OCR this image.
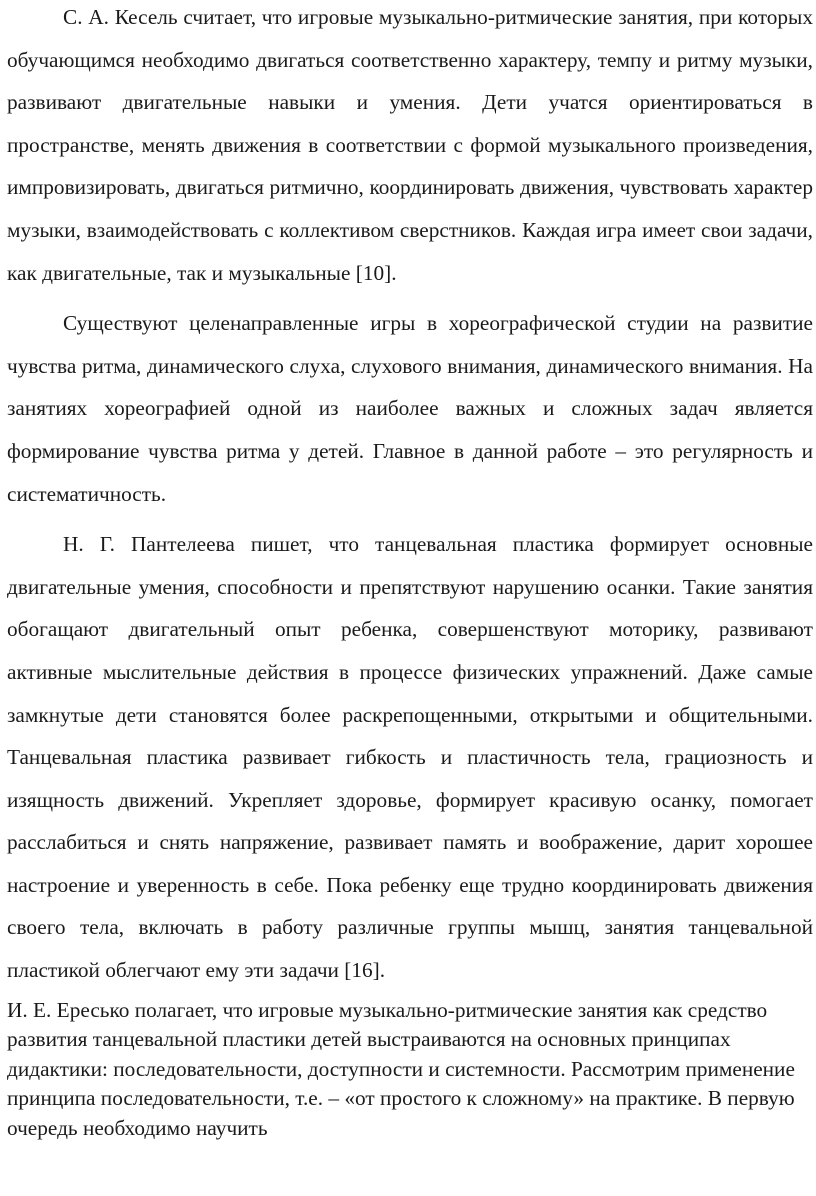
С. А. Кесель считает, что игровые музыкально-ритмические занятия, при которых обучающимся необходимо двигаться соответственно характеру, темпу и ритму музыки, развивают двигательные навыки и умения. Дети учатся ориентироваться в пространстве, менять движения в соответствии с формой музыкального произведения, импровизировать, двигаться ритмично, координировать движения, чувствовать характер музыки, взаимодействовать с коллективом сверстников. Каждая игра имеет свои задачи, как двигательные, так и музыкальные [10].

Существуют целенаправленные игры в хореографической студии на развитие чувства ритма, динамического слуха, слухового внимания, динамического внимания. На занятиях хореографией одной из наиболее важных и сложных задач является формирование чувства ритма у детей. Главное в данной работе – это регулярность и систематичность.

Н. Г. Пантелеева пишет, что танцевальная пластика формирует основные двигательные умения, способности и препятствуют нарушению осанки. Такие занятия обогащают двигательный опыт ребенка, совершенствуют моторику, развивают активные мыслительные действия в процессе физических упражнений. Даже самые замкнутые дети становятся более раскрепощенными, открытыми и общительными. Танцевальная пластика развивает гибкость и пластичность тела, грациозность и изящность движений. Укрепляет здоровье, формирует красивую осанку, помогает расслабиться и снять напряжение, развивает память и воображение, дарит хорошее настроение и уверенность в себе. Пока ребенку еще трудно координировать движения своего тела, включать в работу различные группы мышц, занятия танцевальной пластикой облегчают ему эти задачи [16].

И. Е. Ересько полагает, что игровые музыкально-ритмические занятия как средство развития танцевальной пластики детей выстраиваются на основных принципах дидактики: последовательности, доступности и системности. Рассмотрим применение принципа последовательности, т.е. – «от простого к сложному» на практике. В первую очередь необходимо научить
